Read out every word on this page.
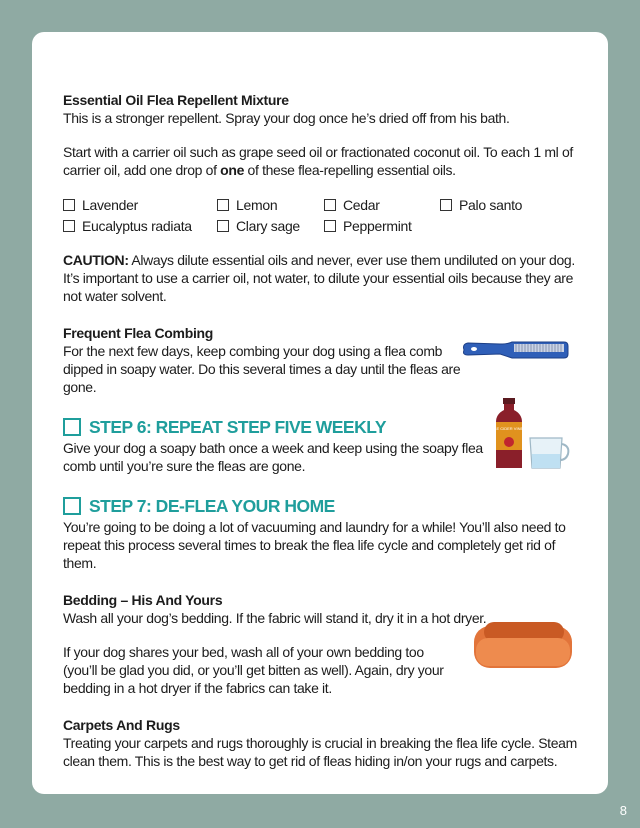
Essential Oil Flea Repellent Mixture

This is a stronger repellent. Spray your dog once he’s dried off from his bath.

Start with a carrier oil such as grape seed oil or fractionated coconut oil. To each 1 ml of carrier oil, add one drop of one of these flea-repelling essential oils.

Lavender	Lemon	Cedar	Palo santo
Eucalyptus radiata	Clary sage	Peppermint

CAUTION: Always dilute essential oils and never, ever use them undiluted on your dog. It’s important to use a carrier oil, not water, to dilute your essential oils because they are not water solvent.

Frequent Flea Combing

For the next few days, keep combing your dog using a flea comb dipped in soapy water. Do this several times a day until the fleas are gone.

STEP 6: REPEAT STEP FIVE WEEKLY

Give your dog a soapy bath once a week and keep using the soapy flea comb until you’re sure the fleas are gone.

STEP 7: DE-FLEA YOUR HOME

You’re going to be doing a lot of vacuuming and laundry for a while! You’ll also need to repeat this process several times to break the flea life cycle and completely get rid of them.

Bedding – His And Yours

Wash all your dog’s bedding. If the fabric will stand it, dry it in a hot dryer.

If your dog shares your bed, wash all of your own bedding too (you’ll be glad you did, or you’ll get bitten as well). Again, dry your bedding in a hot dryer if the fabrics can take it.

Carpets And Rugs

Treating your carpets and rugs thoroughly is crucial in breaking the flea life cycle. Steam clean them. This is the best way to get rid of fleas hiding in/on your rugs and carpets.

APPLE CIDER VINEGAR
8
